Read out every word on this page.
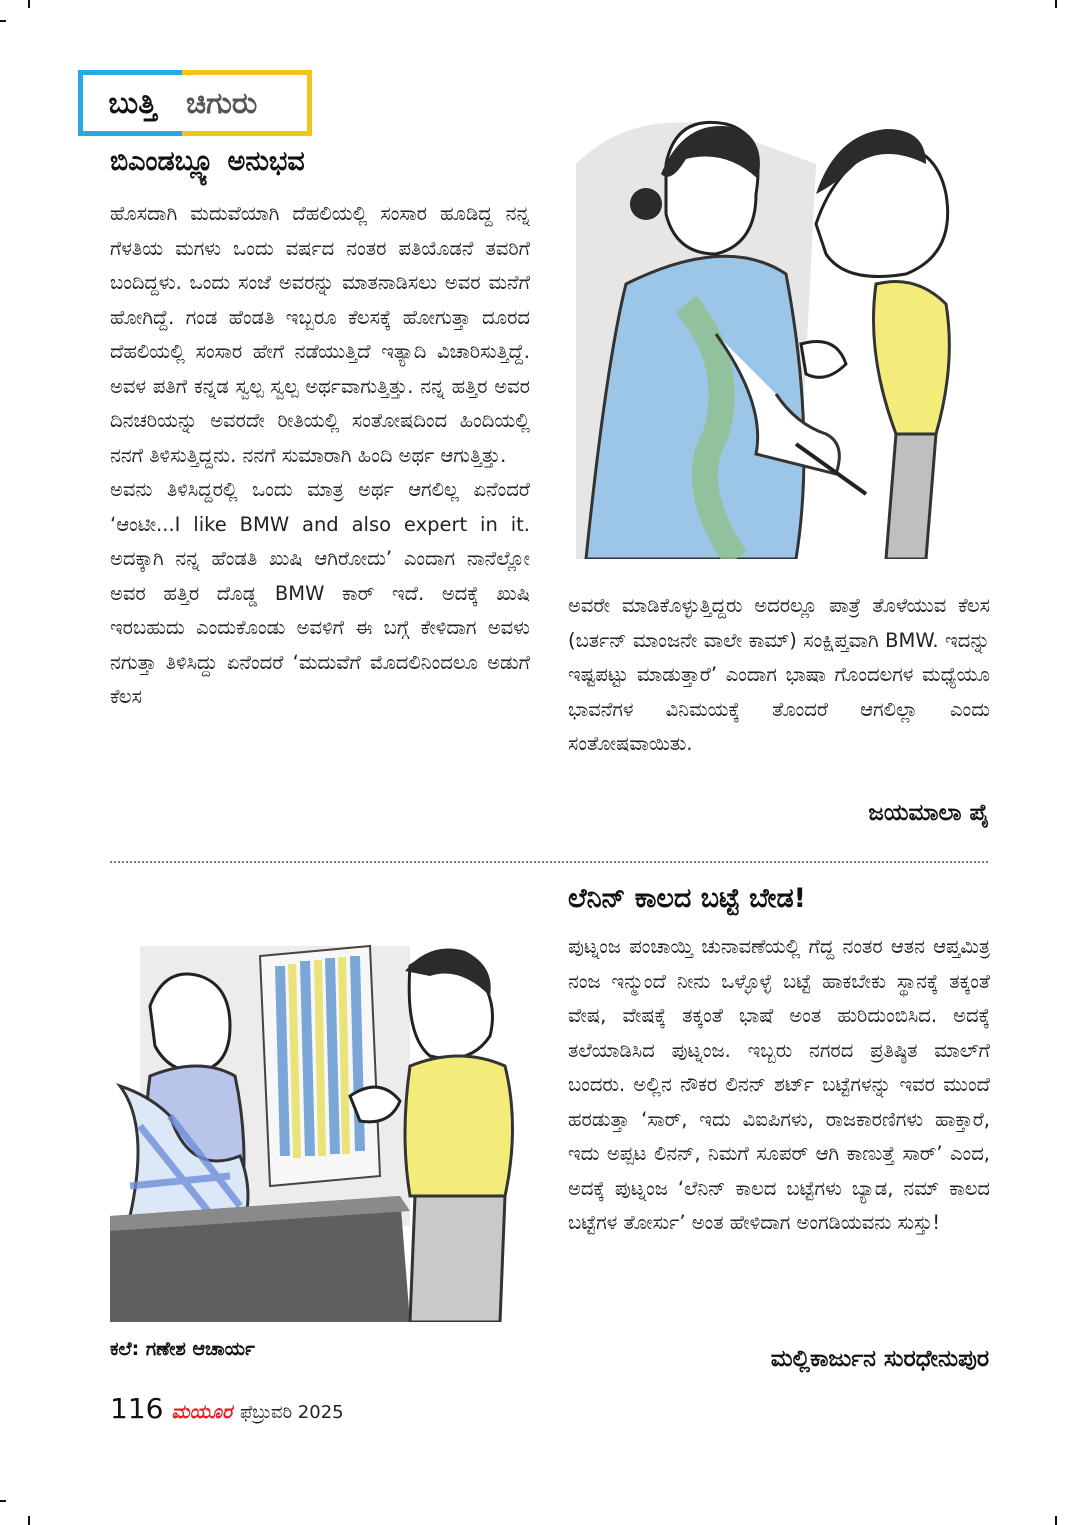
ಬುತ್ತಿ ಚಿಗುರು
ಬಿಎಂಡಬ್ಲ್ಯೂ ಅನುಭವ

ಹೊಸದಾಗಿ ಮದುವೆಯಾಗಿ ದೆಹಲಿಯಲ್ಲಿ ಸಂಸಾರ ಹೂಡಿದ್ದ ನನ್ನ ಗೆಳತಿಯ ಮಗಳು ಒಂದು ವರ್ಷದ ನಂತರ ಪತಿಯೊಡನೆ ತವರಿಗೆ ಬಂದಿದ್ದಳು. ಒಂದು ಸಂಜೆ ಅವರನ್ನು ಮಾತನಾಡಿಸಲು ಅವರ ಮನೆಗೆ ಹೋಗಿದ್ದೆ. ಗಂಡ ಹೆಂಡತಿ ಇಬ್ಬರೂ ಕೆಲಸಕ್ಕೆ ಹೋಗುತ್ತಾ ದೂರದ ದೆಹಲಿಯಲ್ಲಿ ಸಂಸಾರ ಹೇಗೆ ನಡೆಯುತ್ತಿದೆ ಇತ್ಯಾದಿ ವಿಚಾರಿಸುತ್ತಿದ್ದೆ. ಅವಳ ಪತಿಗೆ ಕನ್ನಡ ಸ್ವಲ್ಪ ಸ್ವಲ್ಪ ಅರ್ಥವಾಗುತ್ತಿತ್ತು. ನನ್ನ ಹತ್ತಿರ ಅವರ ದಿನಚರಿಯನ್ನು ಅವರದೇ ರೀತಿಯಲ್ಲಿ ಸಂತೋಷದಿಂದ ಹಿಂದಿಯಲ್ಲಿ ನನಗೆ ತಿಳಿಸುತ್ತಿದ್ದನು. ನನಗೆ ಸುಮಾರಾಗಿ ಹಿಂದಿ ಅರ್ಥ ಆಗುತ್ತಿತ್ತು.

ಅವನು ತಿಳಿಸಿದ್ದರಲ್ಲಿ ಒಂದು ಮಾತ್ರ ಅರ್ಥ ಆಗಲಿಲ್ಲ ಏನೆಂದರೆ ‘ಆಂಟೀ...I like BMW and also expert in it. ಅದಕ್ಕಾಗಿ ನನ್ನ ಹೆಂಡತಿ ಖುಷಿ ಆಗಿರೋದು’ ಎಂದಾಗ ನಾನೆಲ್ಲೋ ಅವರ ಹತ್ತಿರ ದೊಡ್ಡ BMW ಕಾರ್ ಇದೆ. ಅದಕ್ಕೆ ಖುಷಿ ಇರಬಹುದು ಎಂದುಕೊಂಡು ಅವಳಿಗೆ ಈ ಬಗ್ಗೆ ಕೇಳಿದಾಗ ಅವಳು ನಗುತ್ತಾ ತಿಳಿಸಿದ್ದು ಏನೆಂದರೆ ‘ಮದುವೆಗೆ ಮೊದಲಿನಿಂದಲೂ ಅಡುಗೆ ಕೆಲಸ

ಅವರೇ ಮಾಡಿಕೊಳ್ಳುತ್ತಿದ್ದರು ಅದರಲ್ಲೂ ಪಾತ್ರೆ ತೊಳೆಯುವ ಕೆಲಸ (ಬರ್ತನ್ ಮಾಂಜನೇ ವಾಲೇ ಕಾಮ್) ಸಂಕ್ಷಿಪ್ತವಾಗಿ BMW. ಇದನ್ನು ಇಷ್ಟಪಟ್ಟು ಮಾಡುತ್ತಾರೆ’ ಎಂದಾಗ ಭಾಷಾ ಗೊಂದಲಗಳ ಮಧ್ಯೆಯೂ ಭಾವನೆಗಳ ವಿನಿಮಯಕ್ಕೆ ತೊಂದರೆ ಆಗಲಿಲ್ಲಾ ಎಂದು ಸಂತೋಷವಾಯಿತು.

ಜಯಮಾಲಾ ಪೈ
ಲೆನಿನ್ ಕಾಲದ ಬಟ್ಟೆ ಬೇಡ!

ಪುಟ್ನಂಜ ಪಂಚಾಯ್ತಿ ಚುನಾವಣೆಯಲ್ಲಿ ಗೆದ್ದ ನಂತರ ಆತನ ಆಪ್ತಮಿತ್ರ ನಂಜ ಇನ್ಮುಂದೆ ನೀನು ಒಳ್ಳೊಳ್ಳೆ ಬಟ್ಟೆ ಹಾಕಬೇಕು ಸ್ಥಾನಕ್ಕೆ ತಕ್ಕಂತೆ ವೇಷ, ವೇಷಕ್ಕೆ ತಕ್ಕಂತೆ ಭಾಷೆ ಅಂತ ಹುರಿದುಂಬಿಸಿದ. ಅದಕ್ಕೆ ತಲೆಯಾಡಿಸಿದ ಪುಟ್ನಂಜ. ಇಬ್ಬರು ನಗರದ ಪ್ರತಿಷ್ಠಿತ ಮಾಲ್‌ಗೆ ಬಂದರು. ಅಲ್ಲಿನ ನೌಕರ ಲಿನನ್ ಶರ್ಟ್ ಬಟ್ಟೆಗಳನ್ನು ಇವರ ಮುಂದೆ ಹರಡುತ್ತಾ ‘ಸಾರ್, ಇದು ವಿಐಪಿಗಳು, ರಾಜಕಾರಣಿಗಳು ಹಾಕ್ತಾರೆ, ಇದು ಅಪ್ಪಟ ಲಿನನ್, ನಿಮಗೆ ಸೂಪರ್ ಆಗಿ ಕಾಣುತ್ತೆ ಸಾರ್’ ಎಂದ, ಅದಕ್ಕೆ ಪುಟ್ನಂಜ ‘ಲೆನಿನ್ ಕಾಲದ ಬಟ್ಟೆಗಳು ಬ್ಯಾಡ, ನಮ್ ಕಾಲದ ಬಟ್ಟೆಗಳ ತೋರ್ಸು’ ಅಂತ ಹೇಳಿದಾಗ ಅಂಗಡಿಯವನು ಸುಸ್ತು!

ಮಲ್ಲಿಕಾರ್ಜುನ ಸುರಧೇನುಪುರ
ಕಲೆ: ಗಣೇಶ ಆಚಾರ್ಯ
116 ಮಯೂರ ಫೆಬ್ರುವರಿ 2025
